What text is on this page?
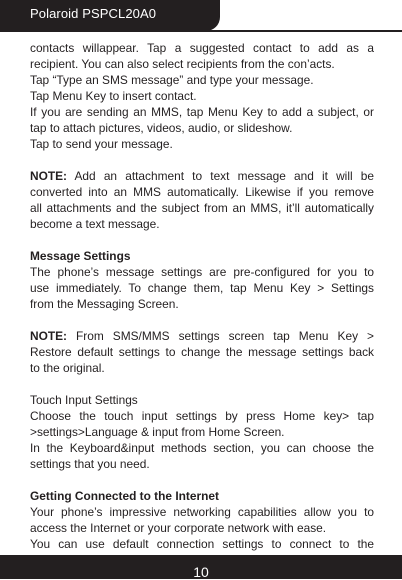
Polaroid PSPCL20A0
contacts willappear. Tap a suggested contact to add as a
recipient. You can also select recipients from the con’acts.
Tap “Type an SMS message” and type your message.
Tap Menu Key to insert contact.
If you are sending an MMS, tap Menu Key to add a subject, or
tap to attach pictures, videos, audio, or slideshow.
Tap to send your message.
NOTE: Add an attachment to text message and it will be
converted into an MMS automatically. Likewise if you remove
all attachments and the subject from an MMS, it’ll automatically
become a text message.
Message Settings
The phone’s message settings are pre-configured for you to
use immediately. To change them, tap Menu Key > Settings
from the Messaging Screen.
NOTE: From SMS/MMS settings screen tap Menu Key >
Restore default settings to change the message settings back
to the original.
Touch Input Settings
Choose the touch input settings by press Home key> tap
>settings>Language & input from Home Screen.
In the Keyboard&input methods section, you can choose the
settings that you need.
Getting Connected to the Internet
Your phone’s impressive networking capabilities allow you to
access the Internet or your corporate network with ease.
You can use default connection settings to connect to the
10
